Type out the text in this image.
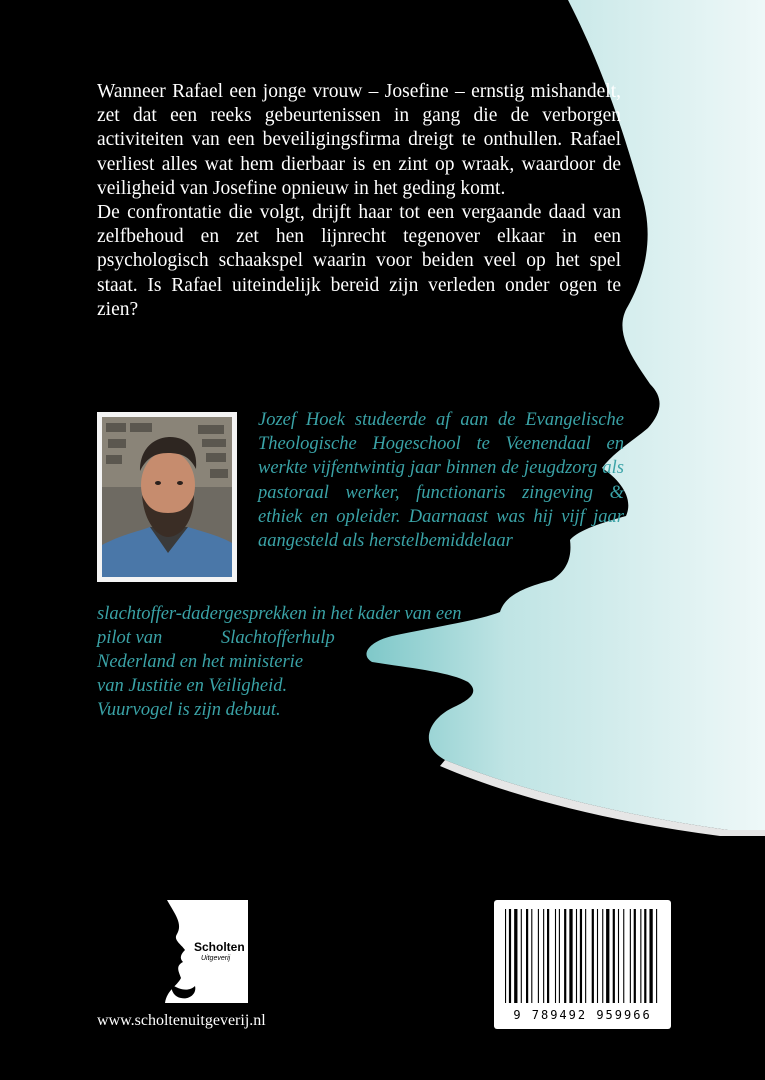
Wanneer Rafael een jonge vrouw – Josefine – ernstig mishandelt, zet dat een reeks gebeurtenissen in gang die de verborgen activiteiten van een beveiligingsfirma dreigt te onthullen. Rafael verliest alles wat hem dierbaar is en zint op wraak, waardoor de veiligheid van Josefine opnieuw in het geding komt.

De confrontatie die volgt, drijft haar tot een vergaande daad van zelfbehoud en zet hen lijnrecht tegenover elkaar in een psychologisch schaakspel waarin voor beiden veel op het spel staat. Is Rafael uiteindelijk bereid zijn verleden onder ogen te zien?

Jozef Hoek studeerde af aan de Evangelische Theologische Hogeschool te Veenendaal en werkte vijfentwintig jaar binnen de jeugdzorg als pastoraal werker, functionaris zingeving & ethiek en opleider. Daarnaast was hij vijf jaar aangesteld als herstelbemiddelaar
slachtoffer-dadergesprekken in het kader van een
pilot van	Slachtofferhulp
Nederland en het ministerie
van Justitie en Veiligheid.
Vuurvogel is zijn debuut.
Scholten
Uitgeverij
www.scholtenuitgeverij.nl	9 789492 959966
